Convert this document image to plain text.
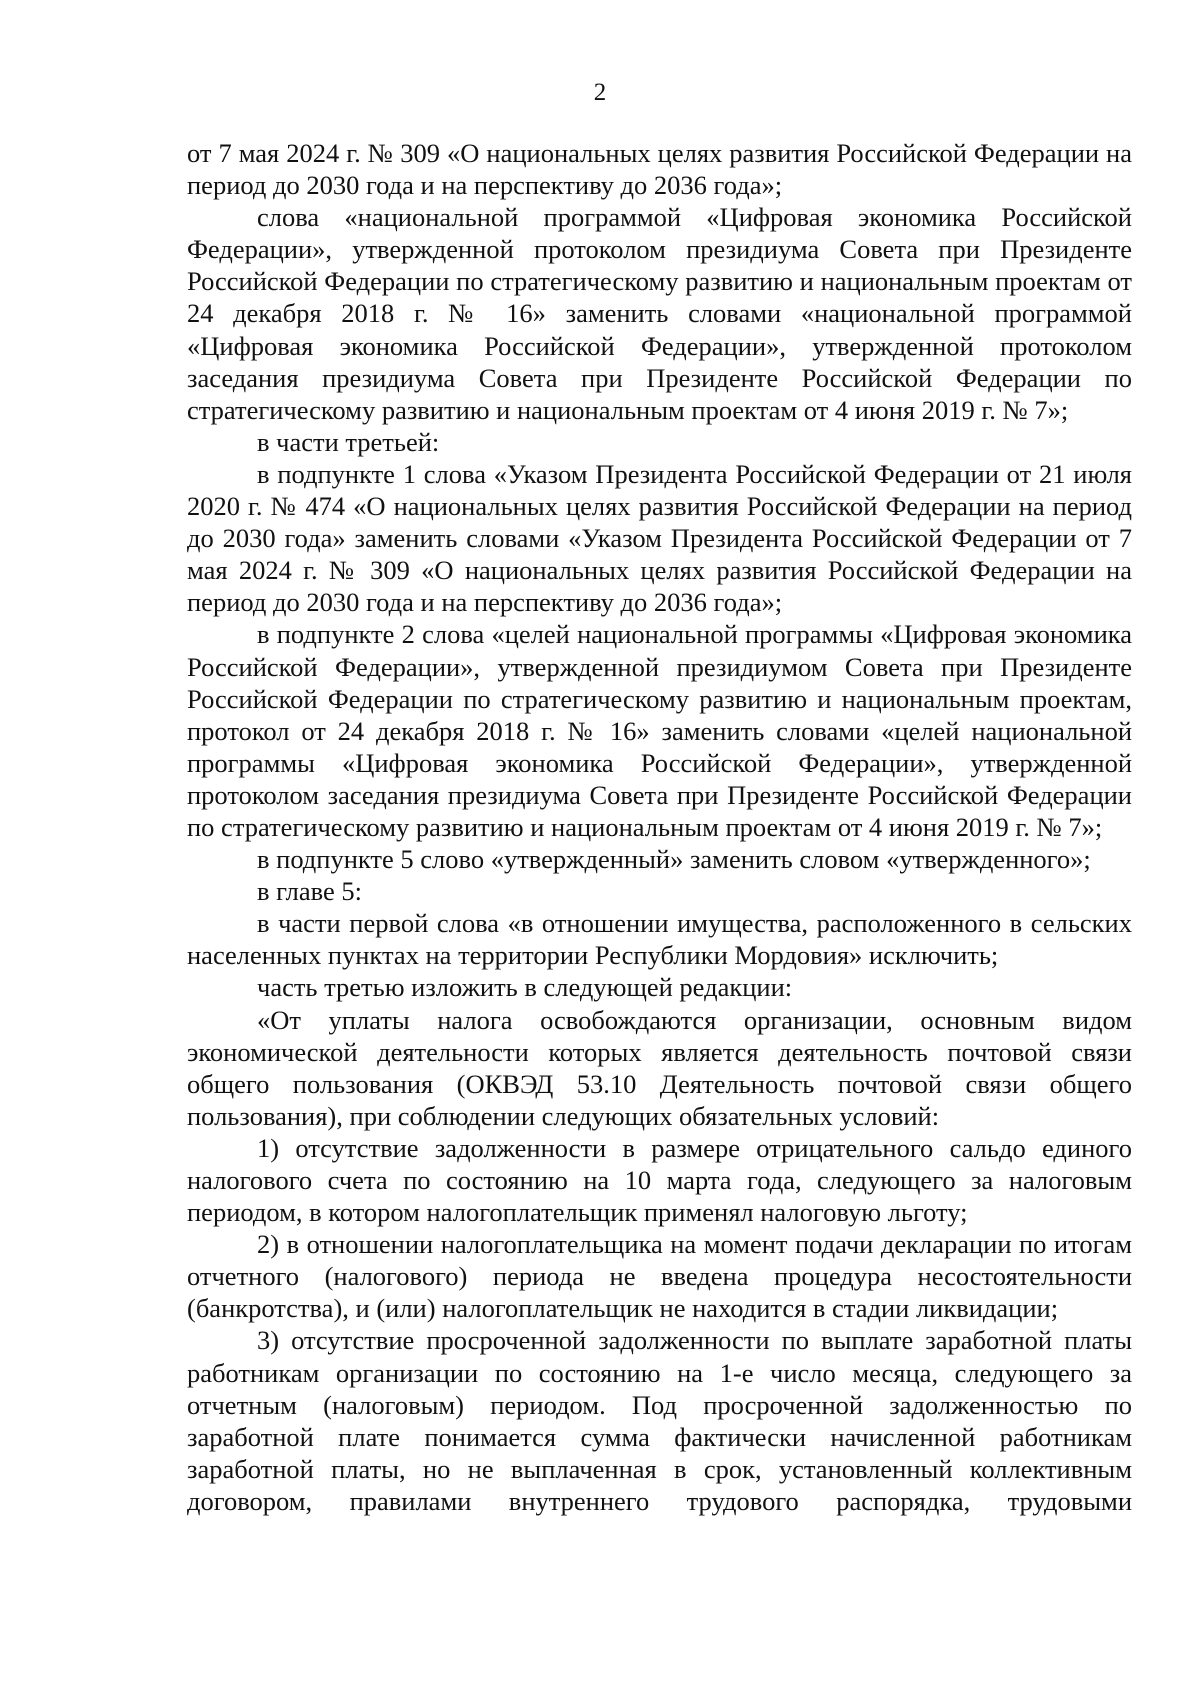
2

от 7 мая 2024 г. № 309 «О национальных целях развития Российской Федерации на период до 2030 года и на перспективу до 2036 года»;

слова «национальной программой «Цифровая экономика Российской Федерации», утвержденной протоколом президиума Совета при Президенте Российской Федерации по стратегическому развитию и национальным проектам от 24 декабря 2018 г. № 16» заменить словами «национальной программой «Цифровая экономика Российской Федерации», утвержденной протоколом заседания президиума Совета при Президенте Российской Федерации по стратегическому развитию и национальным проектам от 4 июня 2019 г. № 7»;

в части третьей:

в подпункте 1 слова «Указом Президента Российской Федерации от 21 июля 2020 г. № 474 «О национальных целях развития Российской Федерации на период до 2030 года» заменить словами «Указом Президента Российской Федерации от 7 мая 2024 г. № 309 «О национальных целях развития Российской Федерации на период до 2030 года и на перспективу до 2036 года»;

в подпункте 2 слова «целей национальной программы «Цифровая экономика Российской Федерации», утвержденной президиумом Совета при Президенте Российской Федерации по стратегическому развитию и национальным проектам, протокол от 24 декабря 2018 г. № 16» заменить словами «целей национальной программы «Цифровая экономика Российской Федерации», утвержденной протоколом заседания президиума Совета при Президенте Российской Федерации по стратегическому развитию и национальным проектам от 4 июня 2019 г. № 7»;

в подпункте 5 слово «утвержденный» заменить словом «утвержденного»;

в главе 5:

в части первой слова «в отношении имущества, расположенного в сельских населенных пунктах на территории Республики Мордовия» исключить;

часть третью изложить в следующей редакции:

«От уплаты налога освобождаются организации, основным видом экономической деятельности которых является деятельность почтовой связи общего пользования (ОКВЭД 53.10 Деятельность почтовой связи общего пользования), при соблюдении следующих обязательных условий:

1) отсутствие задолженности в размере отрицательного сальдо единого налогового счета по состоянию на 10 марта года, следующего за налоговым периодом, в котором налогоплательщик применял налоговую льготу;

2) в отношении налогоплательщика на момент подачи декларации по итогам отчетного (налогового) периода не введена процедура несостоятельности (банкротства), и (или) налогоплательщик не находится в стадии ликвидации;

3) отсутствие просроченной задолженности по выплате заработной платы работникам организации по состоянию на 1-е число месяца, следующего за отчетным (налоговым) периодом. Под просроченной задолженностью по заработной плате понимается сумма фактически начисленной работникам заработной платы, но не выплаченная в срок, установленный коллективным договором, правилами внутреннего трудового распорядка, трудовыми
